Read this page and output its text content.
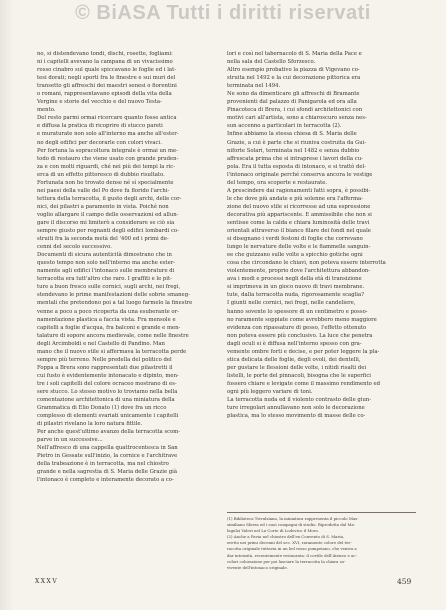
© BiASA Tutti i diritti riservati
no, si distendevano tondi, dischi, rosette, fogliami:
ni i capitelli avevano la campana di un vivacissimo
rosso cinabro sul quale spiccavano le foglie ed i lat-
tesi dorati; negli sporti fra le finestre e sui muri del
transetto gli affreschi dei maestri senesi o fiorentini
o romani, rappresentavano episodi della vita della
Vergine e storie del vecchio e del nuovo Testa-
mento.
Del resto parmi ormai ricercare quanto fosse antica
e diffusa la pratica di ricoprire di stucco pareti
e muraturate non solo all'interno ma anche all'ester-
no degli edifici per decorarle con colori vivaci.
Per fortuna la sopracoltura integrale è ormai un me-
todo di restauro che viene usato con grande pruden-
za e con molti riguardi, ché nei più dei tempi la ric-
erca di un effetto pittoresco di dubbio risultato.
Fortunata non ho trovato dense né sì specialmente
nei paesi della valle del Po dove fu florido l'archi-
tettura della terracotta, il gusto degli archi, delle cor-
nici, dei pilastri a paramento in vista. Poiché non
voglio allargare il campo delle osservazioni ed allun-
gare il discorso mi limiterò a considerare se ciò sia
sempre giusto per regnanti degli edifici lombardi co-
struiti fra la seconda metà del '400 ed i primi de-
cenni del secolo successivo.
Documenti di sicura autenticità dimostrano che in
questo tempo non solo nell'interno ma anche ester-
namente agli edifici l'intonaco sulle membrature di
terracotta era tutt'altro che raro. I graffiti e le pit-
ture a buon fresco sulle cornici, sugli archi, nei fregi,
stendevano le prime manifestazioni delle sobrie smaneg-
mentali che pretendono poi a tal luogo farmelo la finestre
venne a poco a poco ricoperta da una esuberante or-
namentazione plastica a faccia vista. Fra mensole e
capitelli a foglie d'acqua, fra balconi e grande e men-
talature di sopore ancora medievale, come nelle finestre
degli Arcimboldi e nel Castello di Pandino. Man
mano che il nuovo stile si affermava la terracotta perde
sempre più terreno. Nelle predella del politico del
Foppa a Brera sono rappresentati due pilastretti il
cui fusto è evidentemente intonacato e dipinto, men-
tre i soli capitelli del colore ocraceo mostrano di es-
sere stucco. Lo stesso motivo lo troviamo nella bella
comentazione architettonica di una miniatura della
Grammatica di Elio Donato (1) dove fra un ricco
complesso di elementi svariati unicamente i capitelli
di pilastri rivelano la loro natura fittile.
Per anche quest'ultimo avanzo della terracotta scom-
parve in un successive...
Nell'affresco di una cappella quattrocentesca in San
Pietro in Gessate sull'inizio, la cornice e l'architrave
della trabeazione è in terracotta, ma nel chiostro
grande e nella sagrestia di S. Maria delle Grazie già
l'intonaco è completo e interamente decorato a co-
lori e così nel tabernacolo di S. Maria della Pace e
nella sala del Castello Sforzesco.
Altro esempio probativo la piazza di Vigevano co-
struita nel 1492 e la cui decorazione pittorica era
terminata nel 1494.
Ne sono da dimenticare gli affreschi di Bramante
provenienti dal palazzo di Panigarola ed ora alla
Pinacoteca di Brera, i cui sfondi architettonici con
motivi cari all'artista, sono a chiaroscuro senza nes-
sun accenno a particolari in terracotta (2).
Infine abbiamo la stessa chiesa di S. Maria delle
Grazie, a cui è parte che si riuniva costruita da Gui-
niforte Solari, terminata nel 1482 e senza dubbio
affrescata prima che si intraprese i lavori della cu-
pola. Era il tutta esposta di intonaco, e si trattò del-
l'intonaco originale perché conserva ancora le vestige
del tempo, ora scoperte e restaurate.
A prescindere dai ragionamenti fatti sopra, è possibi-
le che dove più andate e più solenne era l'afferma-
zione del nuovo stile si ricorresse ad una espressione
decorativa più appariscente. E ammissibile che non si
sentisse come la calda e chiara luminosità delle travi
orientali attraverso il bianco filare dei fondi nel quale
si disegnano i verdi festoni di foglie che correvano
lungo le nervature delle volte e le fiammelle sanguin-
ee che guizzano sulle volte a spicchio gotiche ogni
cosa che circondano le chiavi, non poteva essere interrotta
violentemente, proprio dove l'architettura abbandon-
ava i modi e processi negli della età di transizione
si imprimeva in un gioco nuovo di travi membrane.
tute, dalla terracotta nuda, rigorosamente scaglia?
I giunti nelle cornici, nei fregi, nelle candeliere,
hanno sovente lo spessore di un centimetro e posso-
no raramente soppiate come avrebbero meno maggiore
evidenza con ripassature di gesso, l'effetto ottenuto
non poteva essere più conclusivo. La luce che penetra
dagli oculi si è diffusa nell'interno spesso con gra-
vemente ombre forti e decise, e per poter leggere la pla-
stica delicata delle foglie, degli ovoli, dei dentelli,
per gustare le flessioni delle volte, i nitidi risalti dei
listelli, le porte del pinnacoli, bisogna che le superfici
fossero chiare e levigate come il massimo rendimento ed
ogni più leggero variare di toni.
La terracotta nuda ed il violento contrasto delle giun-
ture irregolari annullavano non solo le decorazione
plastica, ma lo stesso movimento di masse delle co-
(1) Biblioteca Trivulziana, la miniatura rappresenta il piccolo Mas-
similiano Sforza ed i suoi compagni di studio. Riprodotta dal Ma-
lagulzi Valeri nel La Corte di Lodovico il Moro.
(2) Anche a Pavia nel chiostro dell'ex Convento di S. Maria,
eretto nei primi decenni del sec. XVI, raramente colore del ter-
racotta originale tuttavia in un bel rosso pompeiano, che veniva a
dar intensità, recentemente restaurata: il cortile dell'Ateneo e ac-
colori colorazione per poi lasciare la terracotta la chiara so-
vivente dell'intonaco originale.
XXXV	459
